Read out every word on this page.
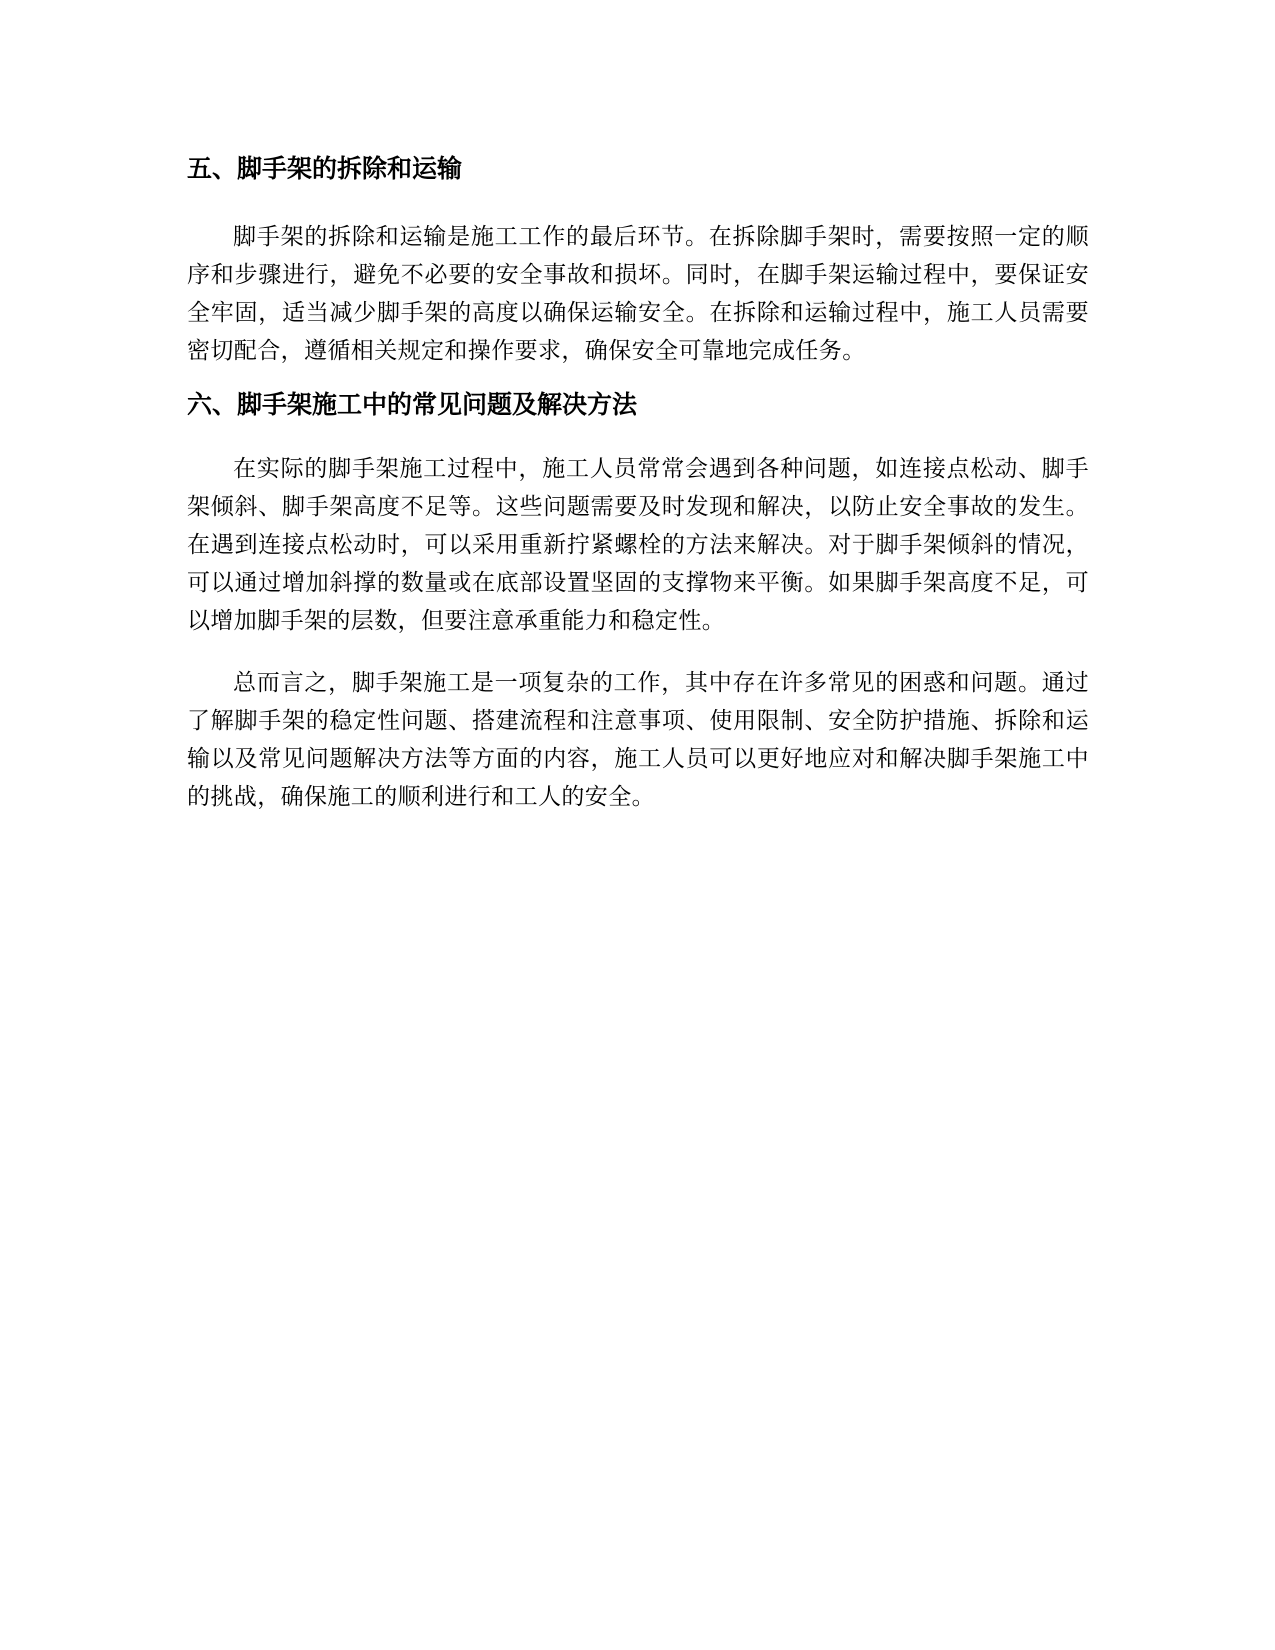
五、脚手架的拆除和运输

脚手架的拆除和运输是施工工作的最后环节。在拆除脚手架时，需要按照一定的顺序和步骤进行，避免不必要的安全事故和损坏。同时，在脚手架运输过程中，要保证安全牢固，适当减少脚手架的高度以确保运输安全。在拆除和运输过程中，施工人员需要密切配合，遵循相关规定和操作要求，确保安全可靠地完成任务。

六、脚手架施工中的常见问题及解决方法

在实际的脚手架施工过程中，施工人员常常会遇到各种问题，如连接点松动、脚手架倾斜、脚手架高度不足等。这些问题需要及时发现和解决，以防止安全事故的发生。在遇到连接点松动时，可以采用重新拧紧螺栓的方法来解决。对于脚手架倾斜的情况，可以通过增加斜撑的数量或在底部设置坚固的支撑物来平衡。如果脚手架高度不足，可以增加脚手架的层数，但要注意承重能力和稳定性。

总而言之，脚手架施工是一项复杂的工作，其中存在许多常见的困惑和问题。通过了解脚手架的稳定性问题、搭建流程和注意事项、使用限制、安全防护措施、拆除和运输以及常见问题解决方法等方面的内容，施工人员可以更好地应对和解决脚手架施工中的挑战，确保施工的顺利进行和工人的安全。
